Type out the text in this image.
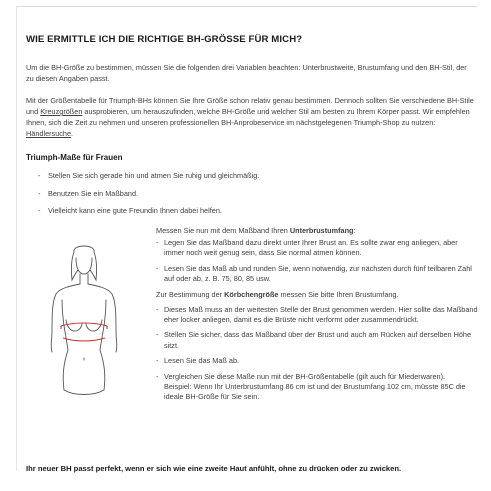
WIE ERMITTLE ICH DIE RICHTIGE BH-GRÖSSE FÜR MICH?

Um die BH-Größe zu bestimmen, müssen Sie die folgenden drei Variablen beachten: Unterbrustweite, Brustumfang und den BH-Stil, der zu diesen Angaben passt.

Mit der Größentabelle für Triumph-BHs können Sie Ihre Größe schon relativ genau bestimmen. Dennoch sollten Sie verschiedene BH-Stile und Kreuzgrößen ausprobieren, um herauszufinden, welche BH-Größe und welcher Stil am besten zu Ihrem Körper passt. Wir empfehlen Ihnen, sich die Zeit zu nehmen und unseren professionellen BH-Anprobeservice im nächstgelegenen Triumph-Shop zu nutzen: Händlersuche.

Triumph-Maße für Frauen
- Stellen Sie sich gerade hin und atmen Sie ruhig und gleichmäßig.
- Benutzen Sie ein Maßband.
- Vielleicht kann eine gute Freundin Ihnen dabei helfen.

Messen Sie nun mit dem Maßband Ihren Unterbrustumfang:

- Legen Sie das Maßband dazu direkt unter Ihrer Brust an. Es sollte zwar eng anliegen, aber immer noch weit genug sein, dass Sie normal atmen können.
- Lesen Sie das Maß ab und runden Sie, wenn notwendig, zur nächsten durch fünf teilbaren Zahl auf oder ab, z. B. 75, 80, 85 usw.

Zur Bestimmung der Körbchengröße messen Sie bitte Ihren Brustumfang.

- Dieses Maß muss an der weitesten Stelle der Brust genommen werden. Hier sollte das Maßband eher locker anliegen, damit es die Brüste nicht verformt oder zusammendrückt.
- Stellen Sie sicher, dass das Maßband über der Brust und auch am Rücken auf derselben Höhe sitzt.
- Lesen Sie das Maß ab.
- Vergleichen Sie diese Maße nun mit der BH-Größentabelle (gilt auch für Miederwaren).
Beispiel: Wenn Ihr Unterbrustumfang 86 cm ist und der Brustumfang 102 cm, müsste 85C die ideale BH-Größe für Sie sein.

Ihr neuer BH passt perfekt, wenn er sich wie eine zweite Haut anfühlt, ohne zu drücken oder zu zwicken.
